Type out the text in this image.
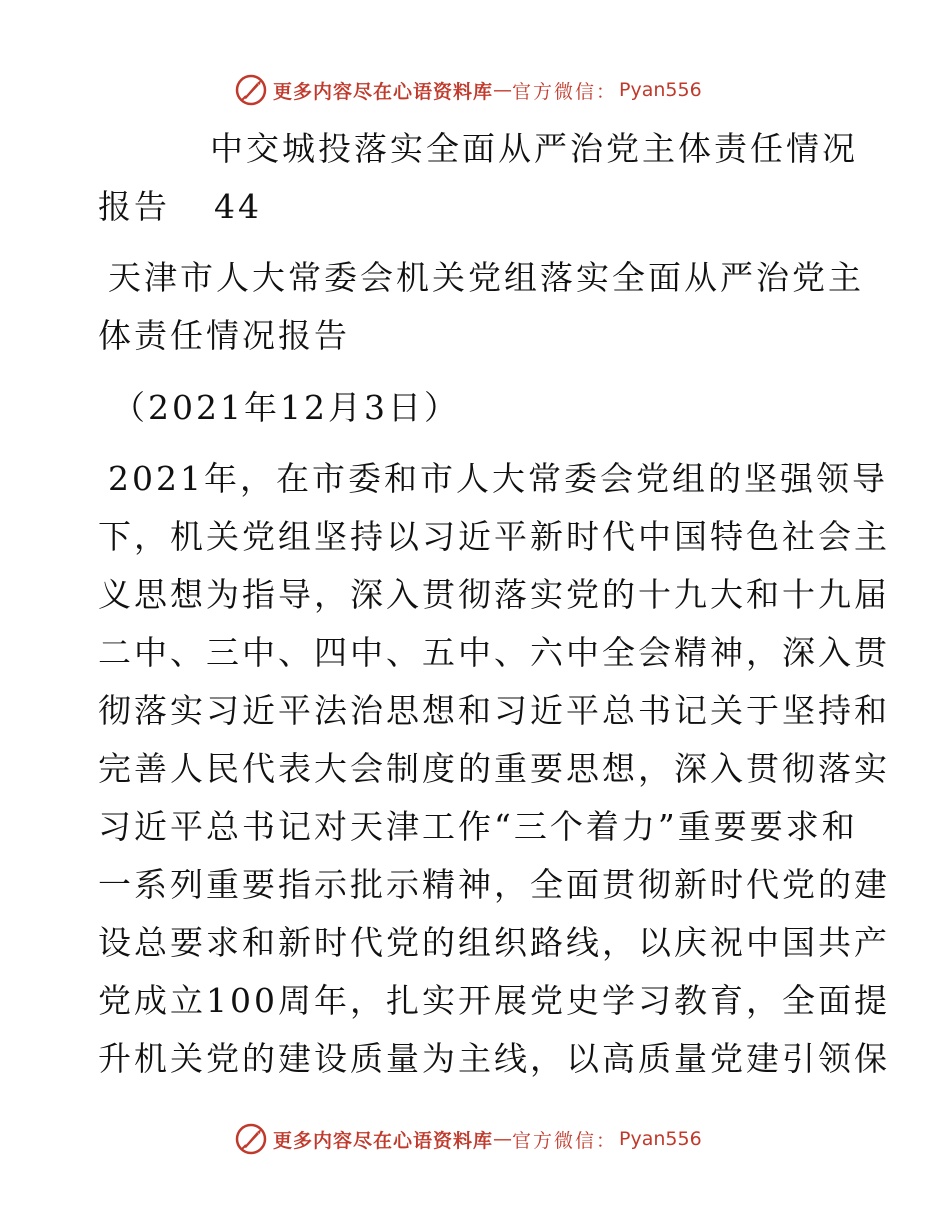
更多内容尽在心语资料库 — 官方微信： Pyan556
中交城投落实全面从严治党主体责任情况
报告 44
天津市人大常委会机关党组落实全面从严治党主
体责任情况报告

（2021年12月3日）

2021年，在市委和市人大常委会党组的坚强领导
下，机关党组坚持以习近平新时代中国特色社会主
义思想为指导，深入贯彻落实党的十九大和十九届
二中、三中、四中、五中、六中全会精神，深入贯
彻落实习近平法治思想和习近平总书记关于坚持和
完善人民代表大会制度的重要思想，深入贯彻落实
习近平总书记对天津工作“三个着力”重要要求和
一系列重要指示批示精神，全面贯彻新时代党的建
设总要求和新时代党的组织路线，以庆祝中国共产
党成立100周年，扎实开展党史学习教育，全面提
升机关党的建设质量为主线，以高质量党建引领保

更多内容尽在心语资料库 — 官方微信： Pyan556
